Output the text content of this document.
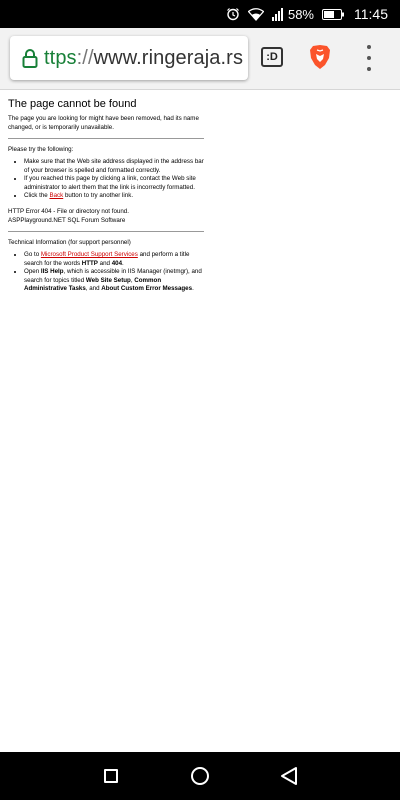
58%	11:45
ttps://www.ringeraja.rs	:D
The page cannot be found

The page you are looking for might have been removed, had its name changed, or is temporarily unavailable.

Please try the following:

• Make sure that the Web site address displayed in the address bar of your browser is spelled and formatted correctly.
• If you reached this page by clicking a link, contact the Web site administrator to alert them that the link is incorrectly formatted.
• Click the Back button to try another link.

HTTP Error 404 - File or directory not found.

ASPPlayground.NET SQL Forum Software

Technical Information (for support personnel)

• Go to Microsoft Product Support Services and perform a title search for the words HTTP and 404.
• Open IIS Help, which is accessible in IIS Manager (inetmgr), and search for topics titled Web Site Setup, Common Administrative Tasks, and About Custom Error Messages.
